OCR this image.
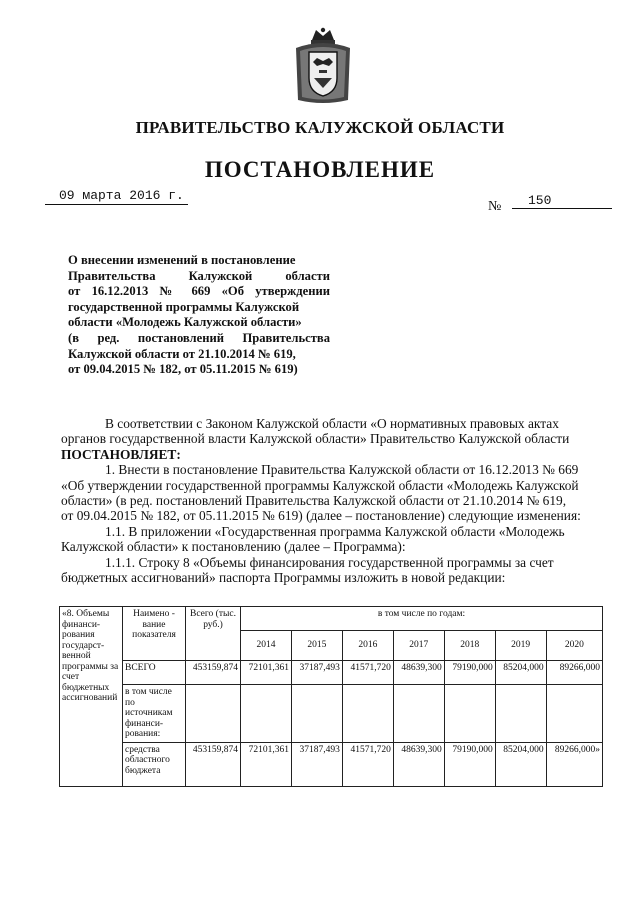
ПРАВИТЕЛЬСТВО КАЛУЖСКОЙ ОБЛАСТИ
ПОСТАНОВЛЕНИЕ
09 марта 2016 г.
№	150
О внесении изменений в постановление
Правительства Калужской области
от 16.12.2013 № 669 «Об утверждении
государственной программы Калужской
области «Молодежь Калужской области»
(в ред. постановлений Правительства
Калужской области от 21.10.2014 № 619,
от 09.04.2015 № 182, от 05.11.2015 № 619)
В соответствии с Законом Калужской области «О нормативных правовых актах
органов государственной власти Калужской области» Правительство Калужской области
ПОСТАНОВЛЯЕТ:
1. Внести в постановление Правительства Калужской области от 16.12.2013 № 669
«Об утверждении государственной программы Калужской области «Молодежь Калужской
области» (в ред. постановлений Правительства Калужской области от 21.10.2014 № 619,
от 09.04.2015 № 182, от 05.11.2015 № 619) (далее – постановление) следующие изменения:
1.1. В приложении «Государственная программа Калужской области «Молодежь
Калужской области» к постановлению (далее – Программа):
1.1.1. Строку 8 «Объемы финансирования государственной программы за счет
бюджетных ассигнований» паспорта Программы изложить в новой редакции:
«8. Объемы финанси-рования государст-венной программы за счет бюджетных ассигнований	Наимено - вание показателя	Всего (тыс. руб.)	в том числе по годам:						
			2014	2015	2016	2017	2018	2019	2020
	ВСЕГО	453159,874	72101,361	37187,493	41571,720	48639,300	79190,000	85204,000	89266,000
	в том числе по источникам финанси-рования:								
	средства областного бюджета	453159,874	72101,361	37187,493	41571,720	48639,300	79190,000	85204,000	89266,000»
